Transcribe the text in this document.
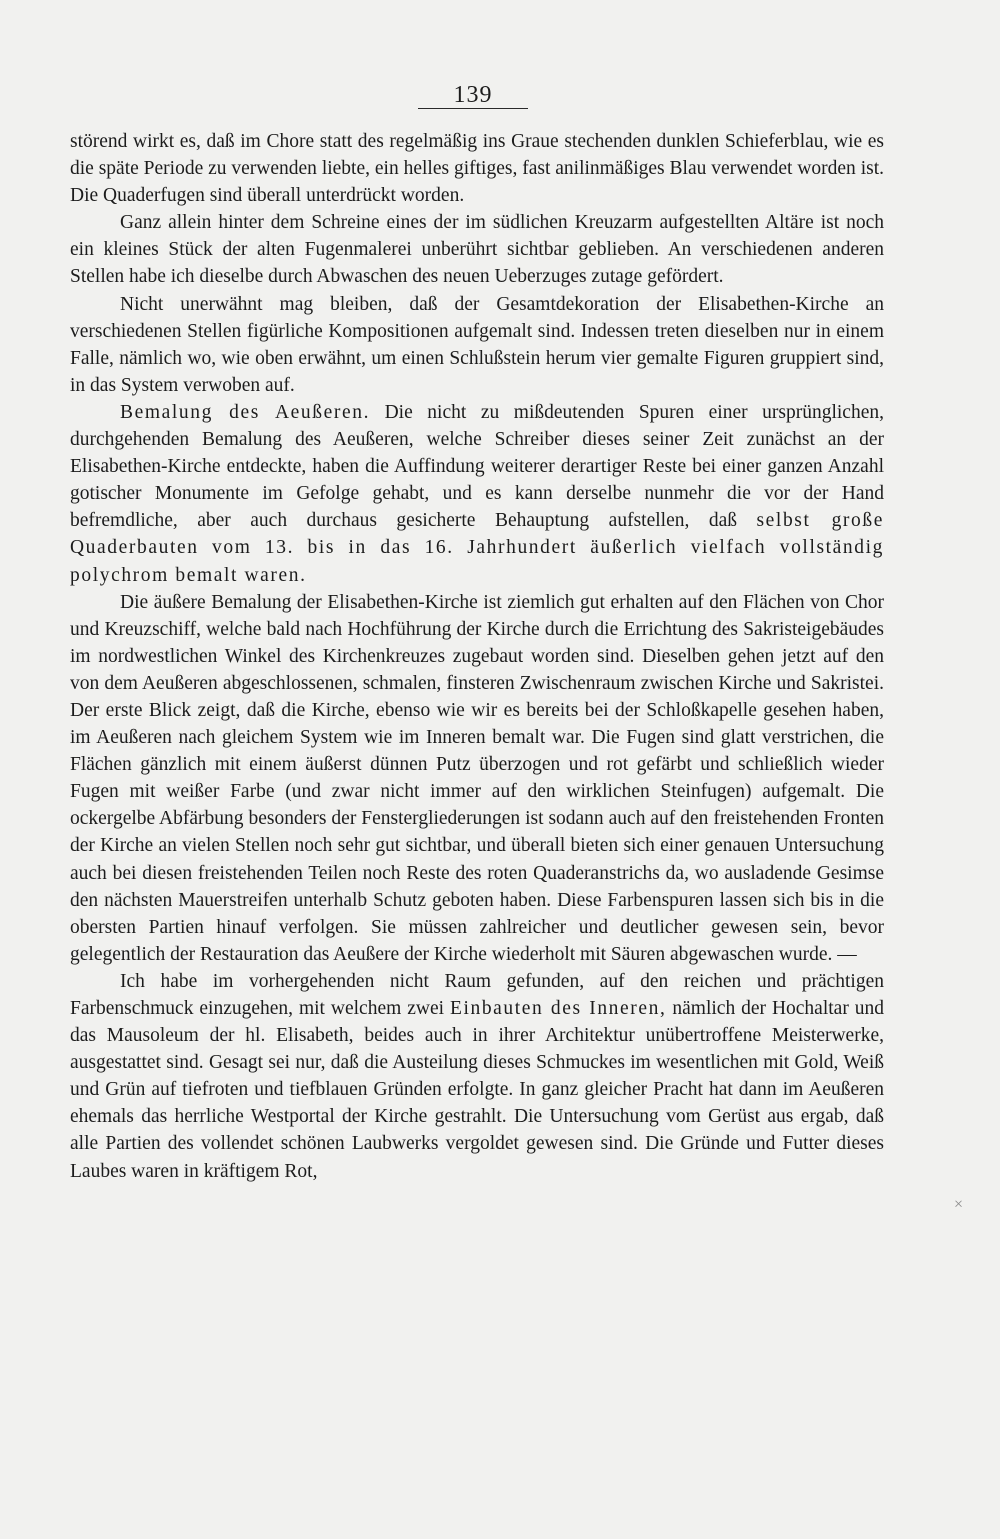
139

störend wirkt es, daß im Chore statt des regelmäßig ins Graue stechenden dunklen Schieferblau, wie es die späte Periode zu verwenden liebte, ein helles giftiges, fast anilinmäßiges Blau verwendet worden ist. Die Quaderfugen sind überall unterdrückt worden.

Ganz allein hinter dem Schreine eines der im südlichen Kreuzarm aufgestellten Altäre ist noch ein kleines Stück der alten Fugenmalerei unberührt sichtbar geblieben. An verschiedenen anderen Stellen habe ich dieselbe durch Abwaschen des neuen Ueberzuges zutage gefördert.

Nicht unerwähnt mag bleiben, daß der Gesamtdekoration der Elisabethen-Kirche an verschiedenen Stellen figürliche Kompositionen aufgemalt sind. Indessen treten dieselben nur in einem Falle, nämlich wo, wie oben erwähnt, um einen Schlußstein herum vier gemalte Figuren gruppiert sind, in das System verwoben auf.

Bemalung des Aeußeren. Die nicht zu mißdeutenden Spuren einer ursprünglichen, durchgehenden Bemalung des Aeußeren, welche Schreiber dieses seiner Zeit zunächst an der Elisabethen-Kirche entdeckte, haben die Auffindung weiterer derartiger Reste bei einer ganzen Anzahl gotischer Monumente im Gefolge gehabt, und es kann derselbe nunmehr die vor der Hand befremdliche, aber auch durchaus gesicherte Behauptung aufstellen, daß selbst große Quaderbauten vom 13. bis in das 16. Jahrhundert äußerlich vielfach vollständig polychrom bemalt waren.

Die äußere Bemalung der Elisabethen-Kirche ist ziemlich gut erhalten auf den Flächen von Chor und Kreuzschiff, welche bald nach Hochführung der Kirche durch die Errichtung des Sakristeigebäudes im nordwestlichen Winkel des Kirchenkreuzes zugebaut worden sind. Dieselben gehen jetzt auf den von dem Aeußeren abgeschlossenen, schmalen, finsteren Zwischenraum zwischen Kirche und Sakristei. Der erste Blick zeigt, daß die Kirche, ebenso wie wir es bereits bei der Schloßkapelle gesehen haben, im Aeußeren nach gleichem System wie im Inneren bemalt war. Die Fugen sind glatt verstrichen, die Flächen gänzlich mit einem äußerst dünnen Putz überzogen und rot gefärbt und schließlich wieder Fugen mit weißer Farbe (und zwar nicht immer auf den wirklichen Steinfugen) aufgemalt. Die ockergelbe Abfärbung besonders der Fenstergliederungen ist sodann auch auf den freistehenden Fronten der Kirche an vielen Stellen noch sehr gut sichtbar, und überall bieten sich einer genauen Untersuchung auch bei diesen freistehenden Teilen noch Reste des roten Quaderanstrichs da, wo ausladende Gesimse den nächsten Mauerstreifen unterhalb Schutz geboten haben. Diese Farbenspuren lassen sich bis in die obersten Partien hinauf verfolgen. Sie müssen zahlreicher und deutlicher gewesen sein, bevor gelegentlich der Restauration das Aeußere der Kirche wiederholt mit Säuren abgewaschen wurde. —

Ich habe im vorhergehenden nicht Raum gefunden, auf den reichen und prächtigen Farbenschmuck einzugehen, mit welchem zwei Einbauten des Inneren, nämlich der Hochaltar und das Mausoleum der hl. Elisabeth, beides auch in ihrer Architektur unübertroffene Meisterwerke, ausgestattet sind. Gesagt sei nur, daß die Austeilung dieses Schmuckes im wesentlichen mit Gold, Weiß und Grün auf tiefroten und tiefblauen Gründen erfolgte. In ganz gleicher Pracht hat dann im Aeußeren ehemals das herrliche Westportal der Kirche gestrahlt. Die Untersuchung vom Gerüst aus ergab, daß alle Partien des vollendet schönen Laubwerks vergoldet gewesen sind. Die Gründe und Futter dieses Laubes waren in kräftigem Rot,

×
